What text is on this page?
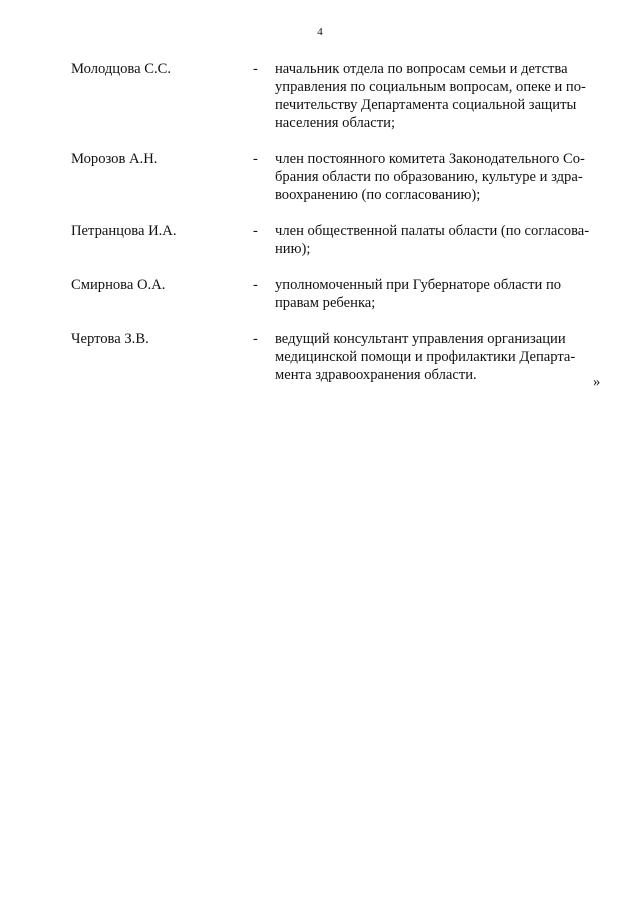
4
Молодцова С.С.	-	начальник отдела по вопросам семьи и детства
управления по социальным вопросам, опеке и по-
печительству Департамента социальной защиты
населения области;
Морозов А.Н.	-	член постоянного комитета Законодательного Со-
брания области по образованию, культуре и здра-
воохранению (по согласованию);
Петранцова И.А.	-	член общественной палаты области (по согласова-
нию);
Смирнова О.А.	-	уполномоченный при Губернаторе области по
правам ребенка;
Чертова З.В.	-	ведущий консультант управления организации
медицинской помощи и профилактики Департа-
мента здравоохранения области.	»
